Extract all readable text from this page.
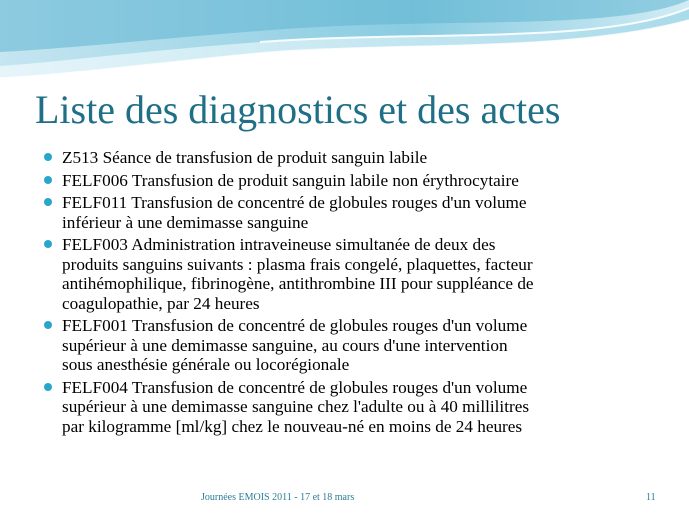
Liste des diagnostics et des actes
Z513 Séance de transfusion de produit sanguin labile
FELF006 Transfusion de produit sanguin labile non érythrocytaire
FELF011 Transfusion de concentré de globules rouges d'un volume
inférieur à une demimasse sanguine
FELF003 Administration intraveineuse simultanée de deux des
produits sanguins suivants : plasma frais congelé, plaquettes, facteur
antihémophilique, fibrinogène, antithrombine III pour suppléance de
coagulopathie, par 24 heures
FELF001 Transfusion de concentré de globules rouges d'un volume
supérieur à une demimasse sanguine, au cours d'une intervention
sous anesthésie générale ou locorégionale
FELF004 Transfusion de concentré de globules rouges d'un volume
supérieur à une demimasse sanguine chez l'adulte ou à 40 millilitres
par kilogramme [ml/kg] chez le nouveau-né en moins de 24 heures
Journées EMOIS 2011 - 17 et 18 mars	11
